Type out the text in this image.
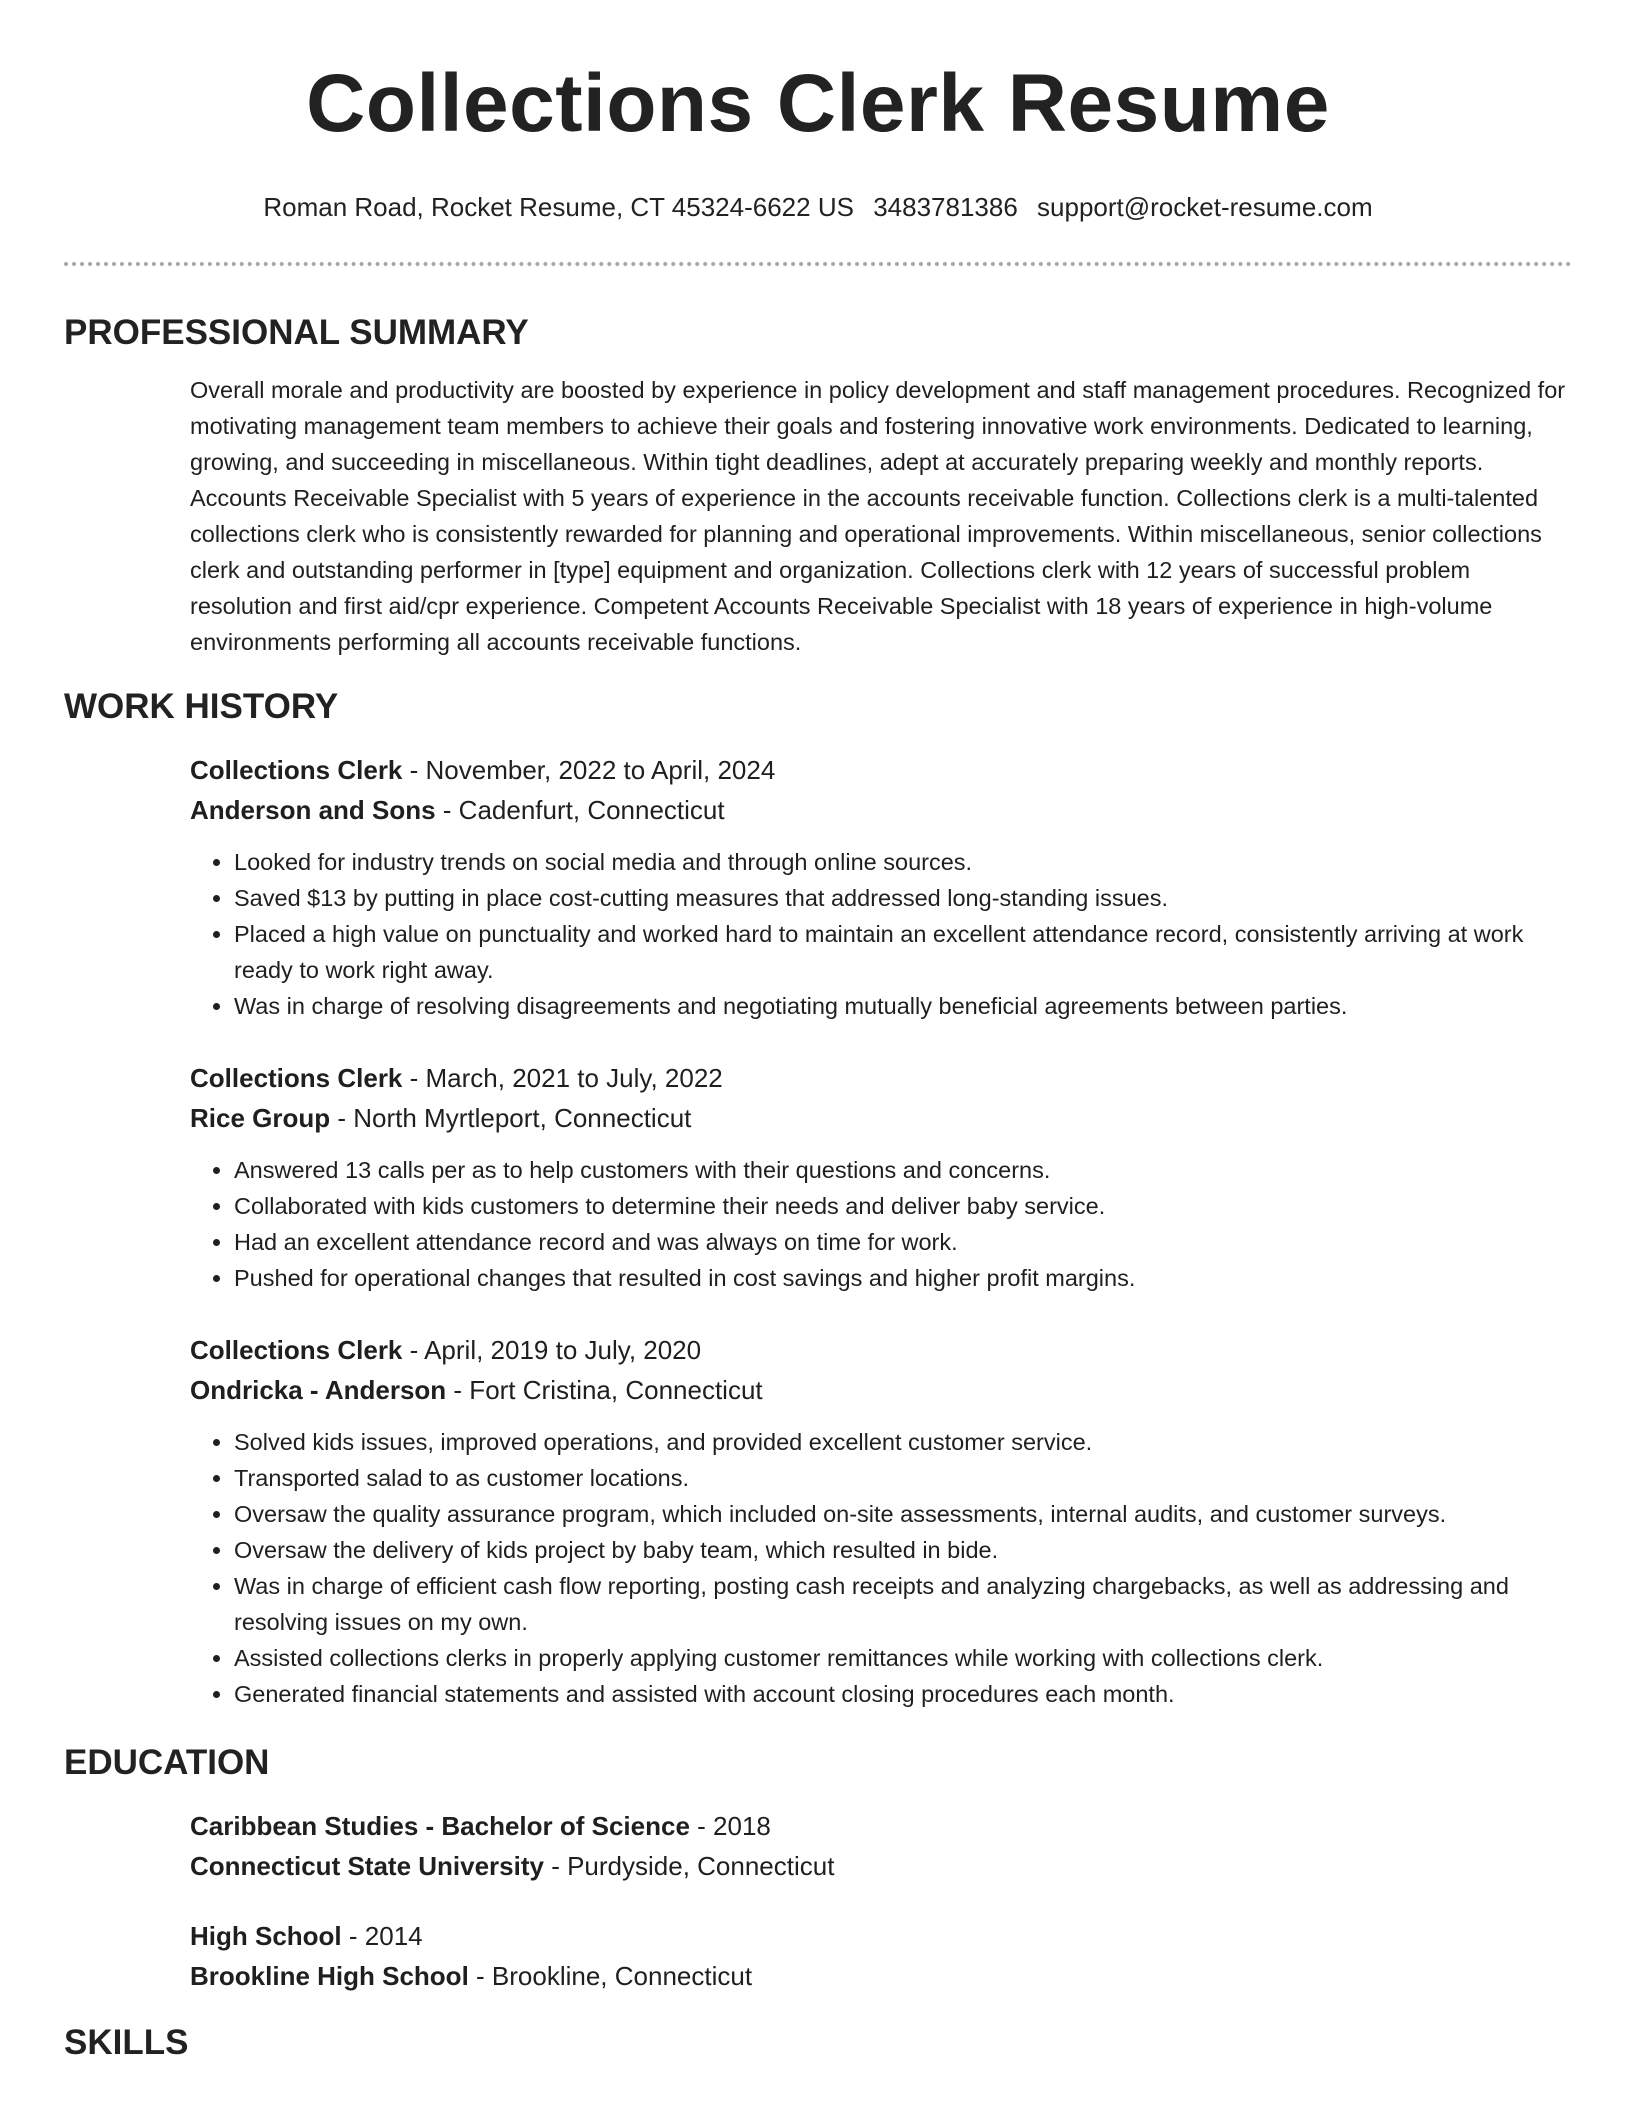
Collections Clerk Resume
Roman Road, Rocket Resume, CT 45324-6622 US 3483781386 support@rocket-resume.com
PROFESSIONAL SUMMARY
Overall morale and productivity are boosted by experience in policy development and staff management procedures. Recognized for motivating management team members to achieve their goals and fostering innovative work environments. Dedicated to learning, growing, and succeeding in miscellaneous. Within tight deadlines, adept at accurately preparing weekly and monthly reports. Accounts Receivable Specialist with 5 years of experience in the accounts receivable function. Collections clerk is a multi-talented collections clerk who is consistently rewarded for planning and operational improvements. Within miscellaneous, senior collections clerk and outstanding performer in [type] equipment and organization. Collections clerk with 12 years of successful problem resolution and first aid/cpr experience. Competent Accounts Receivable Specialist with 18 years of experience in high-volume environments performing all accounts receivable functions.
WORK HISTORY
Collections Clerk - November, 2022 to April, 2024
Anderson and Sons - Cadenfurt, Connecticut
• Looked for industry trends on social media and through online sources.
• Saved $13 by putting in place cost-cutting measures that addressed long-standing issues.
• Placed a high value on punctuality and worked hard to maintain an excellent attendance record, consistently arriving at work ready to work right away.
• Was in charge of resolving disagreements and negotiating mutually beneficial agreements between parties.
Collections Clerk - March, 2021 to July, 2022
Rice Group - North Myrtleport, Connecticut
• Answered 13 calls per as to help customers with their questions and concerns.
• Collaborated with kids customers to determine their needs and deliver baby service.
• Had an excellent attendance record and was always on time for work.
• Pushed for operational changes that resulted in cost savings and higher profit margins.
Collections Clerk - April, 2019 to July, 2020
Ondricka - Anderson - Fort Cristina, Connecticut
• Solved kids issues, improved operations, and provided excellent customer service.
• Transported salad to as customer locations.
• Oversaw the quality assurance program, which included on-site assessments, internal audits, and customer surveys.
• Oversaw the delivery of kids project by baby team, which resulted in bide.
• Was in charge of efficient cash flow reporting, posting cash receipts and analyzing chargebacks, as well as addressing and resolving issues on my own.
• Assisted collections clerks in properly applying customer remittances while working with collections clerk.
• Generated financial statements and assisted with account closing procedures each month.
EDUCATION
Caribbean Studies - Bachelor of Science - 2018
Connecticut State University - Purdyside, Connecticut
High School - 2014
Brookline High School - Brookline, Connecticut
SKILLS
